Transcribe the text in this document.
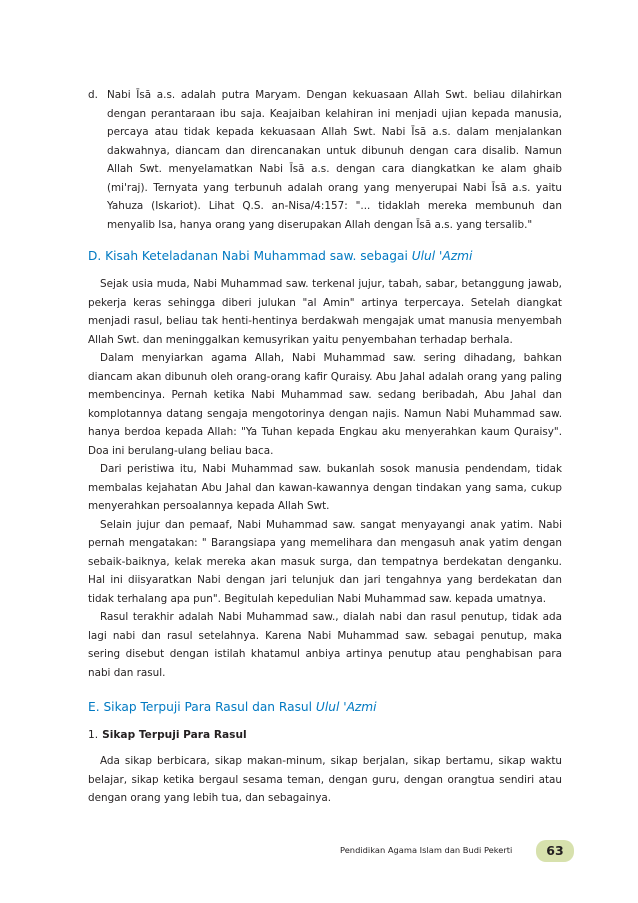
d. Nabi Īsā a.s. adalah putra Maryam. Dengan kekuasaan Allah Swt. beliau dilahirkan dengan perantaraan ibu saja. Keajaiban kelahiran ini menjadi ujian kepada manusia, percaya atau tidak kepada kekuasaan Allah Swt. Nabi Īsā a.s. dalam menjalankan dakwahnya, diancam dan direncanakan untuk dibunuh dengan cara disalib. Namun Allah Swt. menyelamatkan Nabi Īsā a.s. dengan cara diangkatkan ke alam ghaib (mi'raj). Ternyata yang terbunuh adalah orang yang menyerupai Nabi Īsā a.s. yaitu Yahuza (Iskariot). Lihat Q.S. an-Nisa/4:157: "... tidaklah mereka membunuh dan menyalib Isa, hanya orang yang diserupakan Allah dengan Īsā a.s. yang tersalib."
D. Kisah Keteladanan Nabi Muhammad saw. sebagai Ulul 'Azmi

Sejak usia muda, Nabi Muhammad saw. terkenal jujur, tabah, sabar, betanggung jawab, pekerja keras sehingga diberi julukan "al Amin" artinya terpercaya. Setelah diangkat menjadi rasul, beliau tak henti-hentinya berdakwah mengajak umat manusia menyembah Allah Swt. dan meninggalkan kemusyrikan yaitu penyembahan terhadap berhala.

Dalam menyiarkan agama Allah, Nabi Muhammad saw. sering dihadang, bahkan diancam akan dibunuh oleh orang-orang kafir Quraisy. Abu Jahal adalah orang yang paling membencinya. Pernah ketika Nabi Muhammad saw. sedang beribadah, Abu Jahal dan komplotannya datang sengaja mengotorinya dengan najis. Namun Nabi Muhammad saw. hanya berdoa kepada Allah: "Ya Tuhan kepada Engkau aku menyerahkan kaum Quraisy". Doa ini berulang-ulang beliau baca.

Dari peristiwa itu, Nabi Muhammad saw. bukanlah sosok manusia pendendam, tidak membalas kejahatan Abu Jahal dan kawan-kawannya dengan tindakan yang sama, cukup menyerahkan persoalannya kepada Allah Swt.

Selain jujur dan pemaaf, Nabi Muhammad saw. sangat menyayangi anak yatim. Nabi pernah mengatakan: " Barangsiapa yang memelihara dan mengasuh anak yatim dengan sebaik-baiknya, kelak mereka akan masuk surga, dan tempatnya berdekatan denganku. Hal ini diisyaratkan Nabi dengan jari telunjuk dan jari tengahnya yang berdekatan dan tidak terhalang apa pun". Begitulah kepedulian Nabi Muhammad saw. kepada umatnya.

Rasul terakhir adalah Nabi Muhammad saw., dialah nabi dan rasul penutup, tidak ada lagi nabi dan rasul setelahnya. Karena Nabi Muhammad saw. sebagai penutup, maka sering disebut dengan istilah khatamul anbiya artinya penutup atau penghabisan para nabi dan rasul.

E. Sikap Terpuji Para Rasul dan Rasul Ulul 'Azmi
1. Sikap Terpuji Para Rasul

Ada sikap berbicara, sikap makan-minum, sikap berjalan, sikap bertamu, sikap waktu belajar, sikap ketika bergaul sesama teman, dengan guru, dengan orangtua sendiri atau dengan orang yang lebih tua, dan sebagainya.

Pendidikan Agama Islam dan Budi Pekerti	63
